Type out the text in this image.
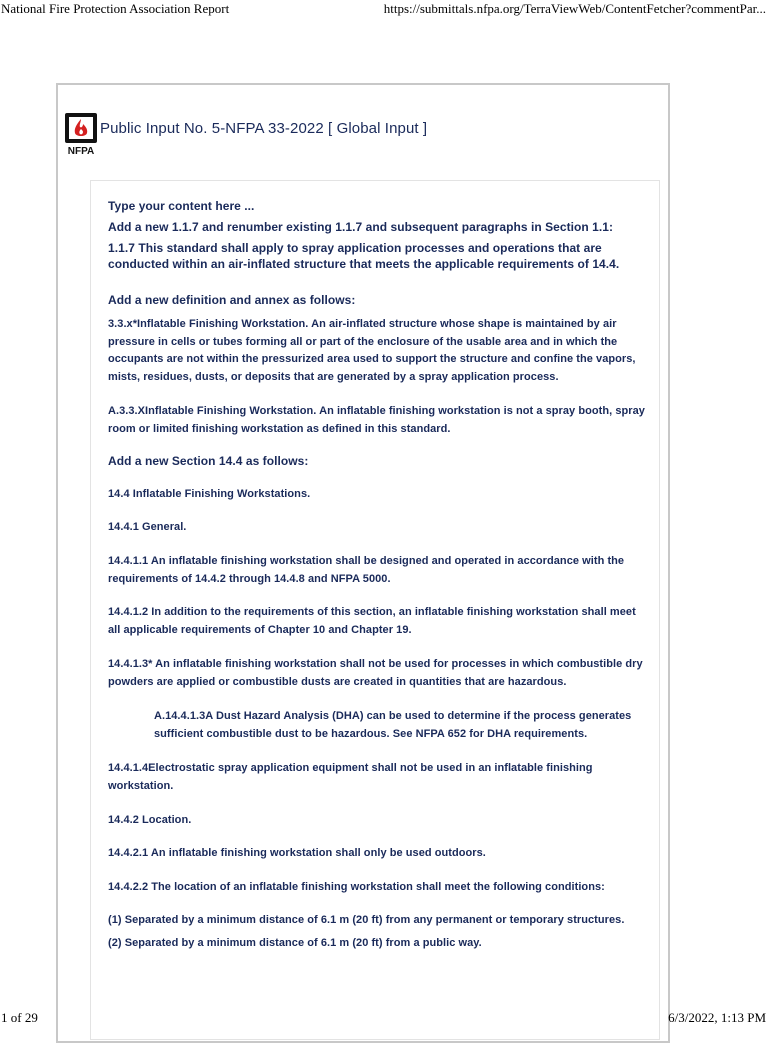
National Fire Protection Association Report	https://submittals.nfpa.org/TerraViewWeb/ContentFetcher?commentPar...
NFPA
Public Input No. 5-NFPA 33-2022 [ Global Input ]
Type your content here ...
Add a new 1.1.7 and renumber existing 1.1.7 and subsequent paragraphs in Section 1.1:
1.1.7 This standard shall apply to spray application processes and operations that are conducted within an air-inflated structure that meets the applicable requirements of 14.4.
Add a new definition and annex as follows:
3.3.x*Inflatable Finishing Workstation. An air-inflated structure whose shape is maintained by air pressure in cells or tubes forming all or part of the enclosure of the usable area and in which the occupants are not within the pressurized area used to support the structure and confine the vapors, mists, residues, dusts, or deposits that are generated by a spray application process.
A.3.3.XInflatable Finishing Workstation. An inflatable finishing workstation is not a spray booth, spray room or limited finishing workstation as defined in this standard.
Add a new Section 14.4 as follows:
14.4 Inflatable Finishing Workstations.
14.4.1 General.
14.4.1.1 An inflatable finishing workstation shall be designed and operated in accordance with the requirements of 14.4.2 through 14.4.8 and NFPA 5000.
14.4.1.2 In addition to the requirements of this section, an inflatable finishing workstation shall meet all applicable requirements of Chapter 10 and Chapter 19.
14.4.1.3* An inflatable finishing workstation shall not be used for processes in which combustible dry powders are applied or combustible dusts are created in quantities that are hazardous.
A.14.4.1.3A Dust Hazard Analysis (DHA) can be used to determine if the process generates sufficient combustible dust to be hazardous. See NFPA 652 for DHA requirements.
14.4.1.4Electrostatic spray application equipment shall not be used in an inflatable finishing workstation.
14.4.2 Location.
14.4.2.1 An inflatable finishing workstation shall only be used outdoors.
14.4.2.2 The location of an inflatable finishing workstation shall meet the following conditions:
(1) Separated by a minimum distance of 6.1 m (20 ft) from any permanent or temporary structures.
(2) Separated by a minimum distance of 6.1 m (20 ft) from a public way.
1 of 29	6/3/2022, 1:13 PM
